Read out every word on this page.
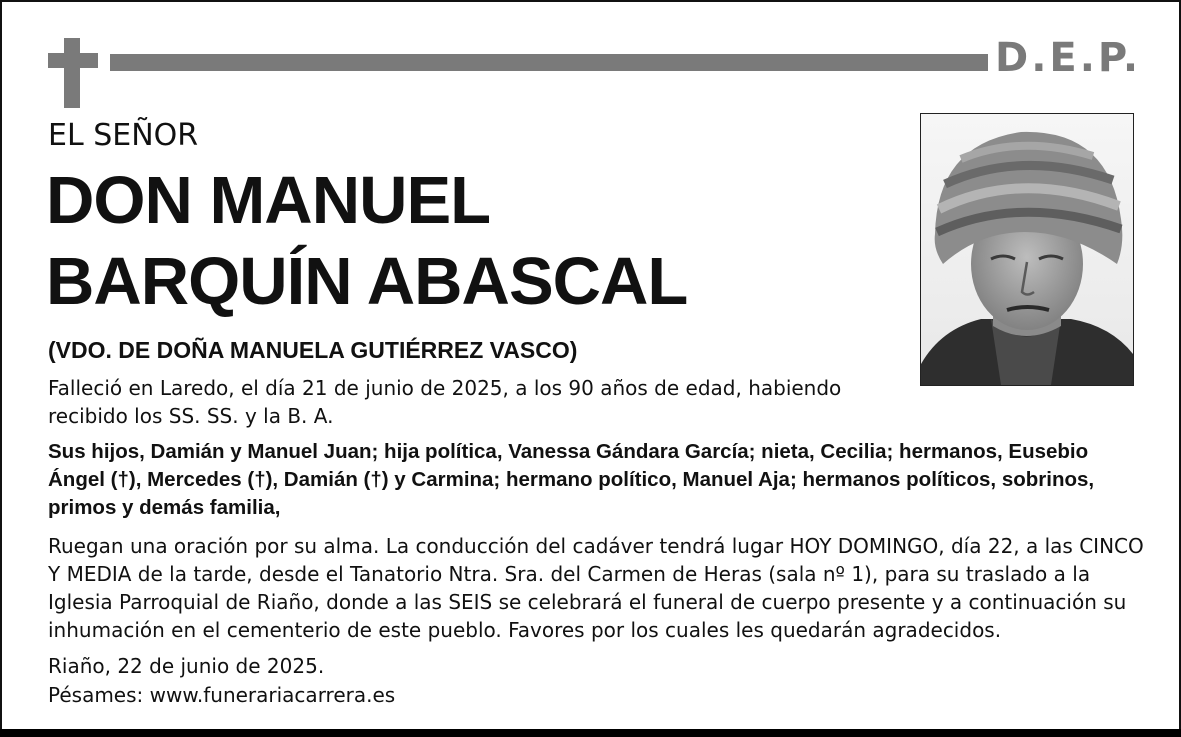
D.E.P.
EL SEÑOR
DON MANUEL
BARQUÍN ABASCAL
(VDO. DE DOÑA MANUELA GUTIÉRREZ VASCO)
Falleció en Laredo, el día 21 de junio de 2025, a los 90 años de edad, habiendo recibido los SS. SS. y la B. A.
Sus hijos, Damián y Manuel Juan; hija política, Vanessa Gándara García; nieta, Cecilia; hermanos, Eusebio Ángel (†), Mercedes (†), Damián (†) y Carmina; hermano político, Manuel Aja; hermanos políticos, sobrinos, primos y demás familia,
Ruegan una oración por su alma. La conducción del cadáver tendrá lugar HOY DOMINGO, día 22, a las CINCO Y MEDIA de la tarde, desde el Tanatorio Ntra. Sra. del Carmen de Heras (sala nº 1), para su traslado a la Iglesia Parroquial de Riaño, donde a las SEIS se celebrará el funeral de cuerpo presente y a continuación su inhumación en el cementerio de este pueblo. Favores por los cuales les quedarán agradecidos.
Riaño, 22 de junio de 2025.
Pésames: www.funerariacarrera.es
